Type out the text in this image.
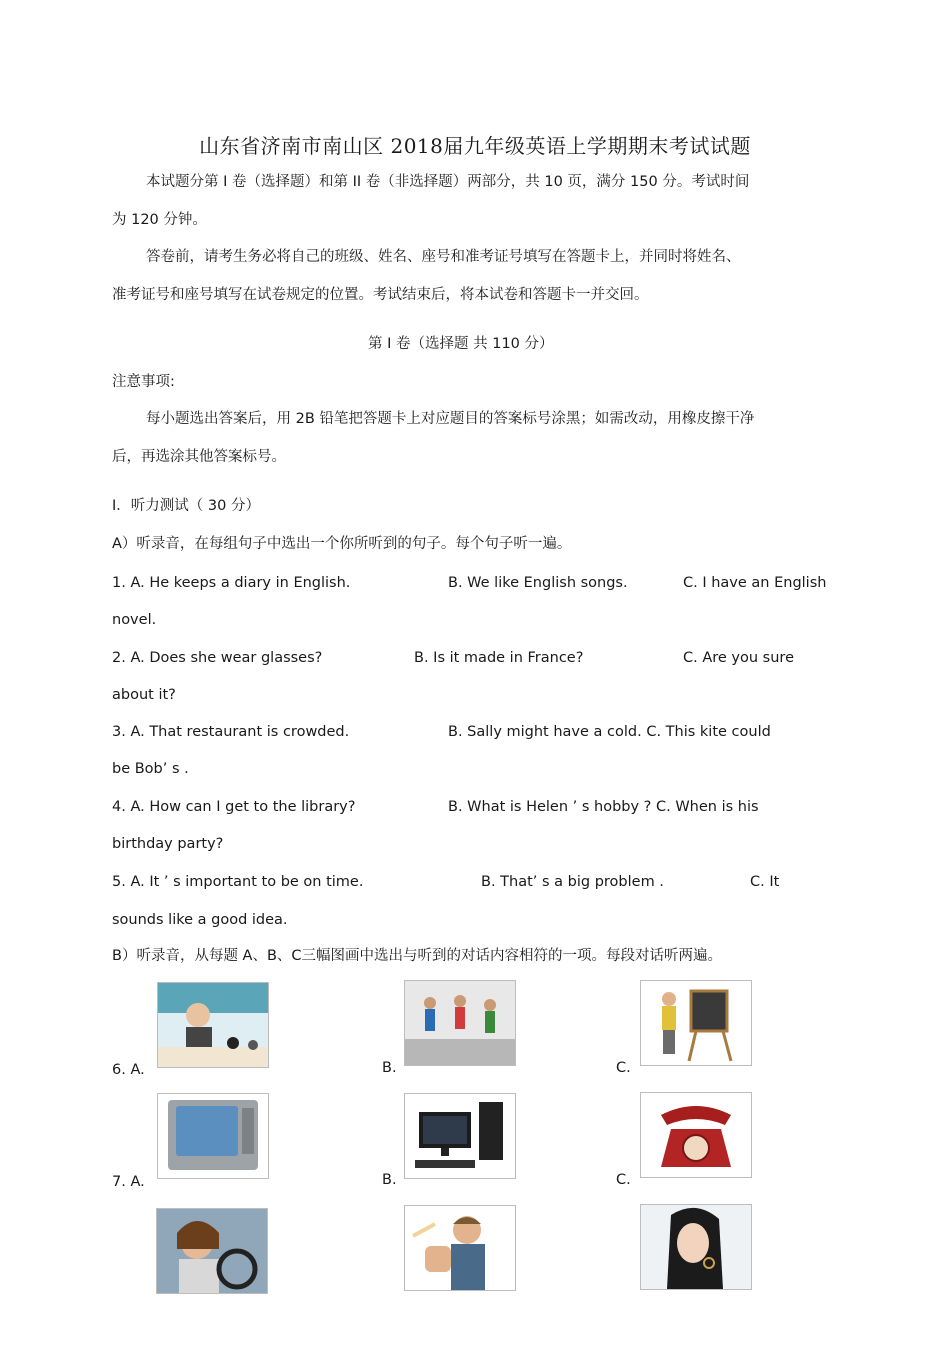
山东省济南市南山区 2018届九年级英语上学期期末考试试题
本试题分第 I 卷（选择题）和第 II 卷（非选择题）两部分，共 10 页，满分 150 分。考试时间
为 120 分钟。
答卷前，请考生务必将自己的班级、姓名、座号和准考证号填写在答题卡上，并同时将姓名、
准考证号和座号填写在试卷规定的位置。考试结束后，将本试卷和答题卡一并交回。
第 I 卷（选择题 共 110 分）
注意事项:
每小题选出答案后，用 2B 铅笔把答题卡上对应题目的答案标号涂黑；如需改动，用橡皮擦干净
后，再选涂其他答案标号。
I．听力测试（ 30 分）
A）听录音，在每组句子中选出一个你所听到的句子。每个句子听一遍。
1. A. He keeps a diary in English.	B. We like English songs.	C. I have an English
novel.
2. A. Does she wear glasses?	B. Is it made in France?	C. Are you sure
about it?
3. A. That restaurant is crowded.	B. Sally might have a cold. C. This kite could
be Bob’ s .
4. A. How can I get to the library?	B. What is Helen ’ s hobby ? C. When is his
birthday party?
5. A. It ’ s important to be on time.	B. That’ s a big problem .	C. It
sounds like a good idea.
B）听录音，从每题 A、B、C三幅图画中选出与听到的对话内容相符的一项。每段对话听两遍。
6. A.	B.	C.
7. A.	B.	C.
